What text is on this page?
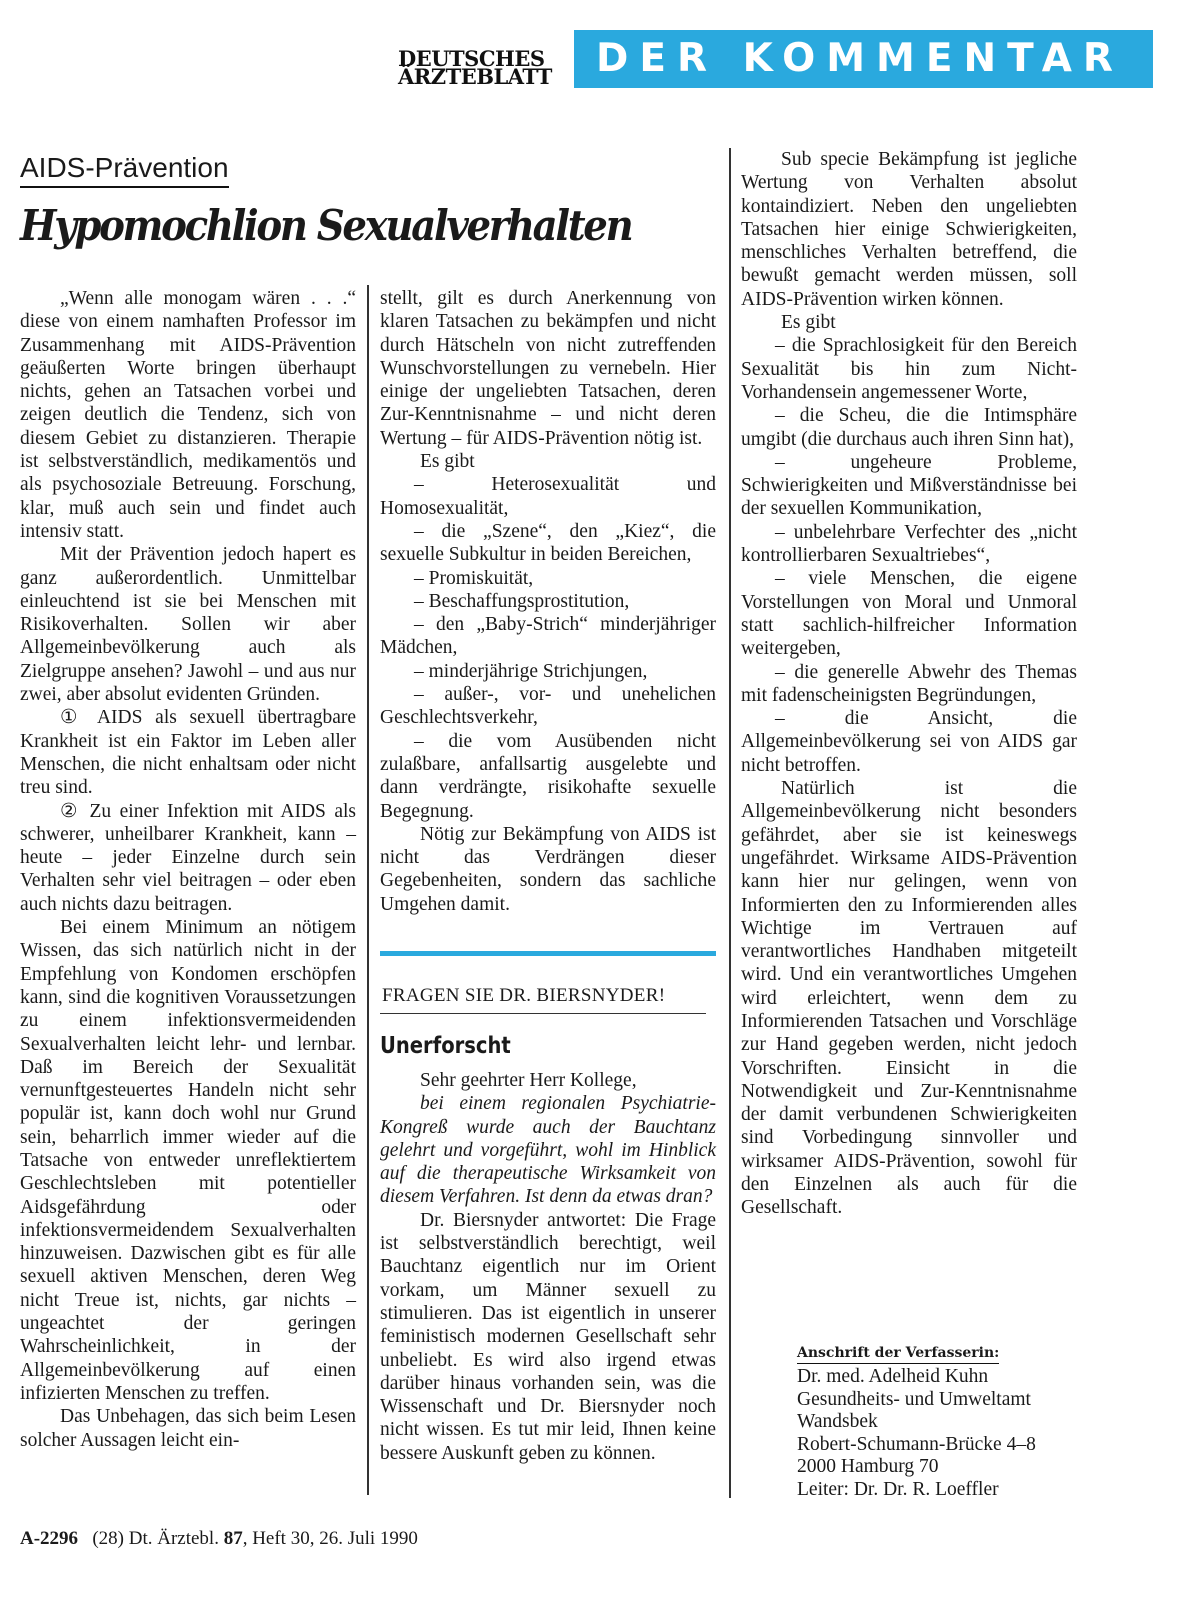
DEUTSCHES
ÄRZTEBLATT	DER KOMMENTAR
AIDS-Prävention
Hypomochlion Sexualverhalten

„Wenn alle monogam wären . . .“ diese von einem namhaften Professor im Zusammenhang mit AIDS-Prävention geäußerten Worte bringen überhaupt nichts, gehen an Tatsachen vorbei und zeigen deutlich die Tendenz, sich von diesem Gebiet zu distanzieren. Therapie ist selbstverständlich, medikamentös und als psychosoziale Betreuung. Forschung, klar, muß auch sein und findet auch intensiv statt.

Mit der Prävention jedoch hapert es ganz außerordentlich. Unmittelbar einleuchtend ist sie bei Menschen mit Risikoverhalten. Sollen wir aber Allgemeinbevölkerung auch als Zielgruppe ansehen? Jawohl – und aus nur zwei, aber absolut evidenten Gründen.

① AIDS als sexuell übertragbare Krankheit ist ein Faktor im Leben aller Menschen, die nicht enhaltsam oder nicht treu sind.

② Zu einer Infektion mit AIDS als schwerer, unheilbarer Krankheit, kann – heute – jeder Einzelne durch sein Verhalten sehr viel beitragen – oder eben auch nichts dazu beitragen.

Bei einem Minimum an nötigem Wissen, das sich natürlich nicht in der Empfehlung von Kondomen erschöpfen kann, sind die kognitiven Voraussetzungen zu einem infektionsvermeidenden Sexualverhalten leicht lehr- und lernbar. Daß im Bereich der Sexualität vernunftgesteuertes Handeln nicht sehr populär ist, kann doch wohl nur Grund sein, beharrlich immer wieder auf die Tatsache von entweder unreflektiertem Geschlechtsleben mit potentieller Aidsgefährdung oder infektionsvermeidendem Sexualverhalten hinzuweisen. Dazwischen gibt es für alle sexuell aktiven Menschen, deren Weg nicht Treue ist, nichts, gar nichts – ungeachtet der geringen Wahrscheinlichkeit, in der Allgemeinbevölkerung auf einen infizierten Menschen zu treffen.

Das Unbehagen, das sich beim Lesen solcher Aussagen leicht ein-

stellt, gilt es durch Anerkennung von klaren Tatsachen zu bekämpfen und nicht durch Hätscheln von nicht zutreffenden Wunschvorstellungen zu vernebeln. Hier einige der ungeliebten Tatsachen, deren Zur-Kenntnisnahme – und nicht deren Wertung – für AIDS-Prävention nötig ist.

Es gibt

– Heterosexualität und Homosexualität,

– die „Szene“, den „Kiez“, die sexuelle Subkultur in beiden Bereichen,

– Promiskuität,

– Beschaffungsprostitution,

– den „Baby-Strich“ minderjähriger Mädchen,

– minderjährige Strichjungen,

– außer-, vor- und unehelichen Geschlechtsverkehr,

– die vom Ausübenden nicht zulaßbare, anfallsartig ausgelebte und dann verdrängte, risikohafte sexuelle Begegnung.

Nötig zur Bekämpfung von AIDS ist nicht das Verdrängen dieser Gegebenheiten, sondern das sachliche Umgehen damit.

FRAGEN SIE DR. BIERSNYDER!
Unerforscht

Sehr geehrter Herr Kollege,

bei einem regionalen Psychiatrie-Kongreß wurde auch der Bauchtanz gelehrt und vorgeführt, wohl im Hinblick auf die therapeutische Wirksamkeit von diesem Verfahren. Ist denn da etwas dran?

Dr. Biersnyder antwortet: Die Frage ist selbstverständlich berechtigt, weil Bauchtanz eigentlich nur im Orient vorkam, um Männer sexuell zu stimulieren. Das ist eigentlich in unserer feministisch modernen Gesellschaft sehr unbeliebt. Es wird also irgend etwas darüber hinaus vorhanden sein, was die Wissenschaft und Dr. Biersnyder noch nicht wissen. Es tut mir leid, Ihnen keine bessere Auskunft geben zu können.

Sub specie Bekämpfung ist jegliche Wertung von Verhalten absolut kontaindiziert. Neben den ungeliebten Tatsachen hier einige Schwierigkeiten, menschliches Verhalten betreffend, die bewußt gemacht werden müssen, soll AIDS-Prävention wirken können.

Es gibt

– die Sprachlosigkeit für den Bereich Sexualität bis hin zum Nicht-Vorhandensein angemessener Worte,

– die Scheu, die die Intimsphäre umgibt (die durchaus auch ihren Sinn hat),

– ungeheure Probleme, Schwierigkeiten und Mißverständnisse bei der sexuellen Kommunikation,

– unbelehrbare Verfechter des „nicht kontrollierbaren Sexualtriebes“,

– viele Menschen, die eigene Vorstellungen von Moral und Unmoral statt sachlich-hilfreicher Information weitergeben,

– die generelle Abwehr des Themas mit fadenscheinigsten Begründungen,

– die Ansicht, die Allgemeinbevölkerung sei von AIDS gar nicht betroffen.

Natürlich ist die Allgemeinbevölkerung nicht besonders gefährdet, aber sie ist keineswegs ungefährdet. Wirksame AIDS-Prävention kann hier nur gelingen, wenn von Informierten den zu Informierenden alles Wichtige im Vertrauen auf verantwortliches Handhaben mitgeteilt wird. Und ein verantwortliches Umgehen wird erleichtert, wenn dem zu Informierenden Tatsachen und Vorschläge zur Hand gegeben werden, nicht jedoch Vorschriften. Einsicht in die Notwendigkeit und Zur-Kenntnisnahme der damit verbundenen Schwierigkeiten sind Vorbedingung sinnvoller und wirksamer AIDS-Prävention, sowohl für den Einzelnen als auch für die Gesellschaft.

Anschrift der Verfasserin:
Dr. med. Adelheid Kuhn
Gesundheits- und Umweltamt
Wandsbek
Robert-Schumann-Brücke 4–8
2000 Hamburg 70
Leiter: Dr. Dr. R. Loeffler
A-2296 (28) Dt. Ärztebl. 87, Heft 30, 26. Juli 1990
